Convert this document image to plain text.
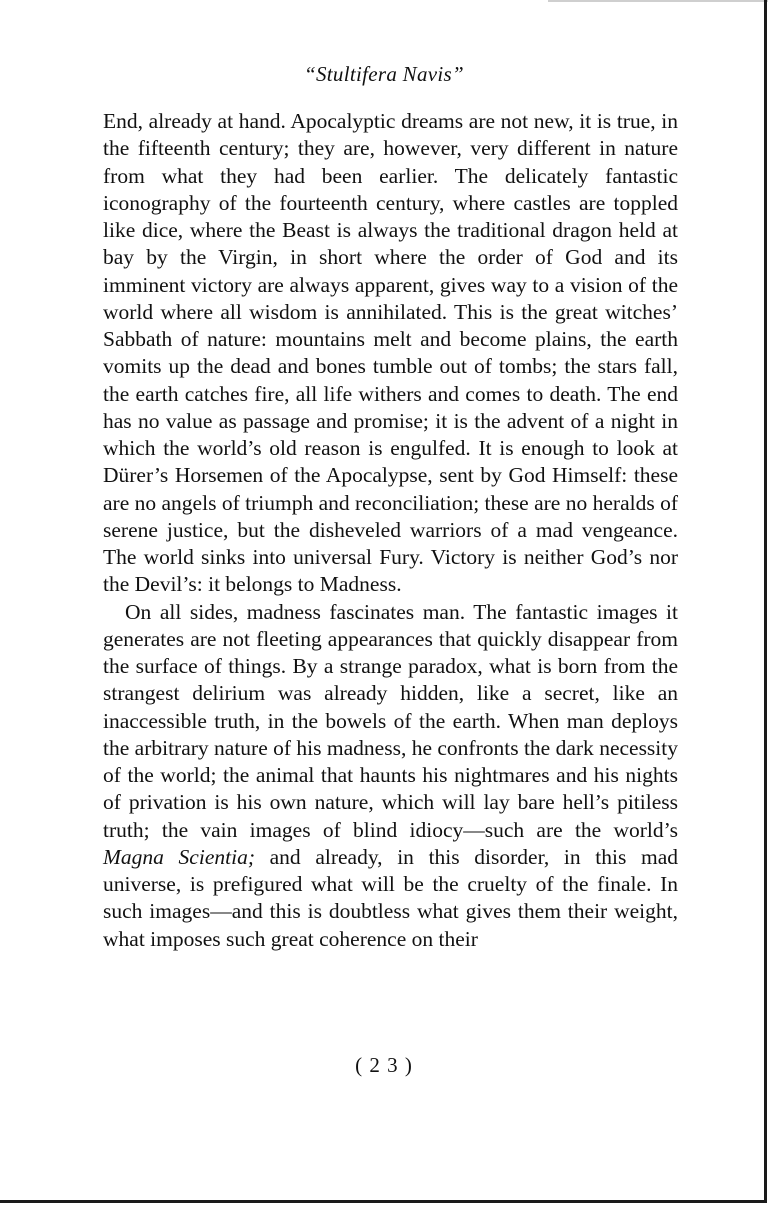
“Stultifera Navis”

End, already at hand. Apocalyptic dreams are not new, it is true, in the fifteenth century; they are, however, very different in nature from what they had been earlier. The delicately fantastic iconography of the fourteenth century, where castles are toppled like dice, where the Beast is always the traditional dragon held at bay by the Virgin, in short where the order of God and its imminent victory are always apparent, gives way to a vision of the world where all wisdom is annihilated. This is the great witches’ Sabbath of nature: mountains melt and become plains, the earth vomits up the dead and bones tumble out of tombs; the stars fall, the earth catches fire, all life withers and comes to death. The end has no value as passage and promise; it is the advent of a night in which the world’s old reason is engulfed. It is enough to look at Dürer’s Horsemen of the Apocalypse, sent by God Himself: these are no angels of triumph and reconciliation; these are no heralds of serene justice, but the disheveled warriors of a mad vengeance. The world sinks into universal Fury. Victory is neither God’s nor the Devil’s: it belongs to Madness.

On all sides, madness fascinates man. The fantastic images it generates are not fleeting appearances that quickly disappear from the surface of things. By a strange paradox, what is born from the strangest delirium was already hidden, like a secret, like an inaccessible truth, in the bowels of the earth. When man deploys the arbitrary nature of his madness, he confronts the dark necessity of the world; the animal that haunts his nightmares and his nights of privation is his own nature, which will lay bare hell’s pitiless truth; the vain images of blind idiocy—such are the world’s Magna Scientia; and already, in this disorder, in this mad universe, is prefigured what will be the cruelty of the finale. In such images—and this is doubtless what gives them their weight, what imposes such great coherence on their

( 2 3 )
